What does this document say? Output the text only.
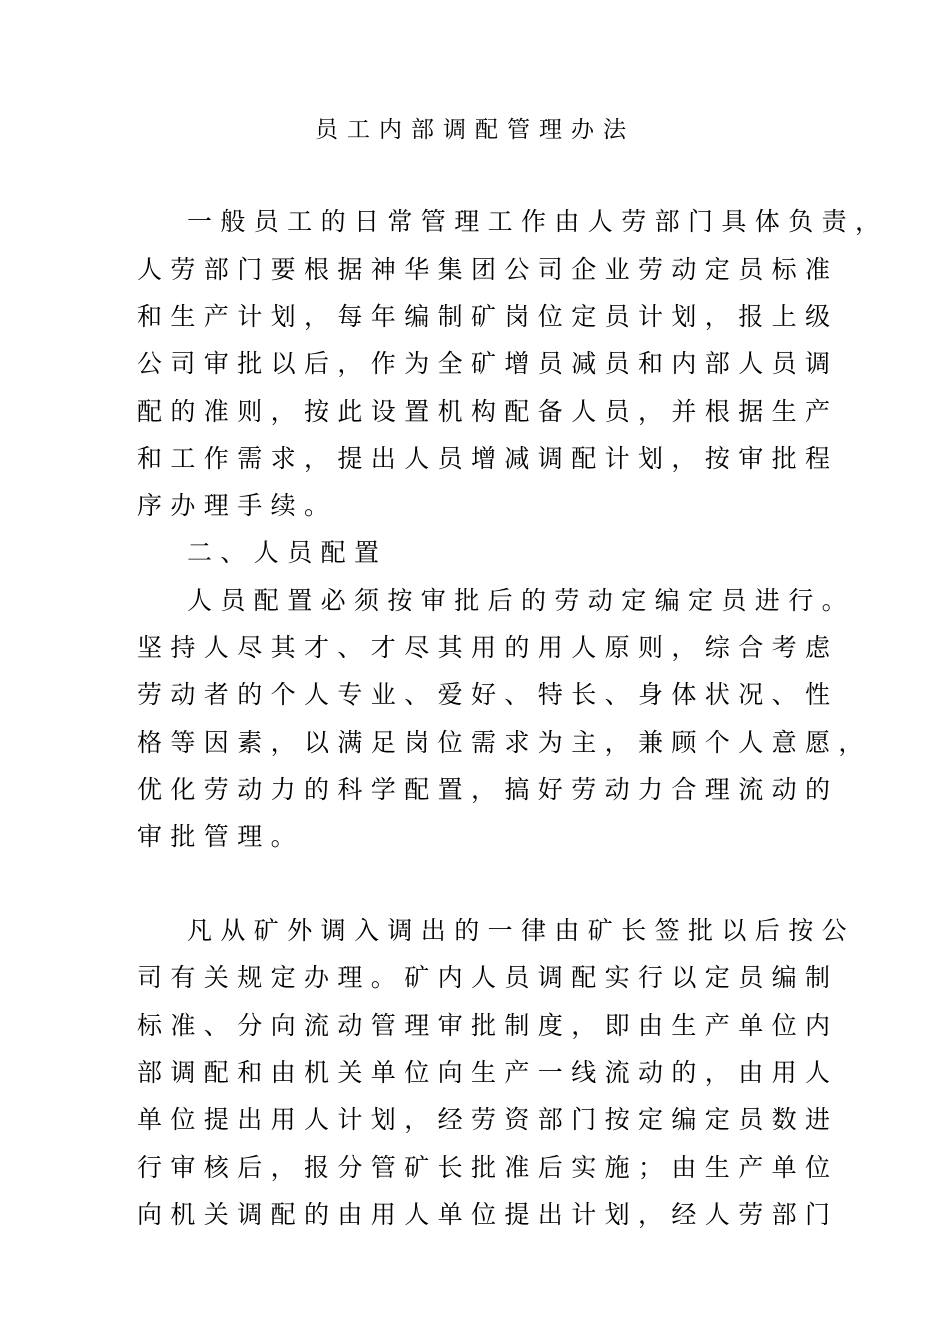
员工内部调配管理办法
一般员工的日常管理工作由人劳部门具体负责，
人劳部门要根据神华集团公司企业劳动定员标准
和生产计划，每年编制矿岗位定员计划，报上级
公司审批以后，作为全矿增员减员和内部人员调
配的准则，按此设置机构配备人员，并根据生产
和工作需求，提出人员增减调配计划，按审批程
序办理手续。
二、人员配置
人员配置必须按审批后的劳动定编定员进行。
坚持人尽其才、才尽其用的用人原则，综合考虑
劳动者的个人专业、爱好、特长、身体状况、性
格等因素，以满足岗位需求为主，兼顾个人意愿，
优化劳动力的科学配置，搞好劳动力合理流动的
审批管理。
凡从矿外调入调出的一律由矿长签批以后按公
司有关规定办理。矿内人员调配实行以定员编制
标准、分向流动管理审批制度，即由生产单位内
部调配和由机关单位向生产一线流动的，由用人
单位提出用人计划，经劳资部门按定编定员数进
行审核后，报分管矿长批准后实施；由生产单位
向机关调配的由用人单位提出计划，经人劳部门
